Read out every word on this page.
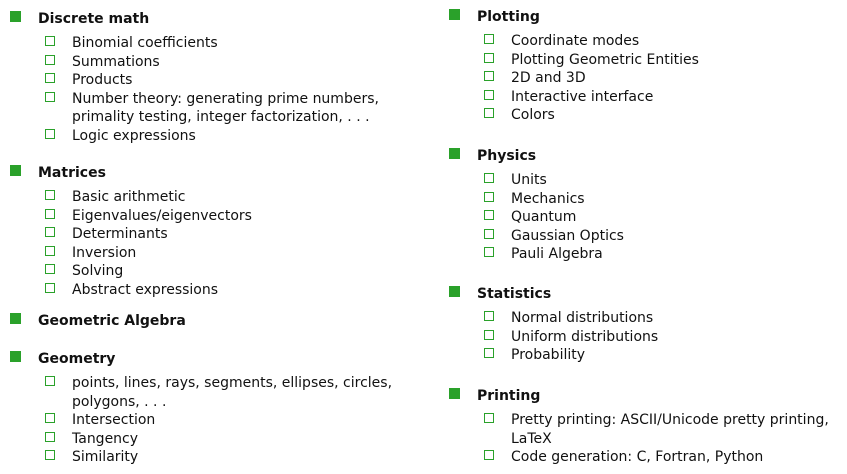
Discrete math
Binomial coefficients
Summations
Products
Number theory: generating prime numbers,
primality testing, integer factorization, . . .
Logic expressions
Matrices
Basic arithmetic
Eigenvalues/eigenvectors
Determinants
Inversion
Solving
Abstract expressions
Geometric Algebra
Geometry
points, lines, rays, segments, ellipses, circles,
polygons, . . .
Intersection
Tangency
Similarity
Plotting
Coordinate modes
Plotting Geometric Entities
2D and 3D
Interactive interface
Colors
Physics
Units
Mechanics
Quantum
Gaussian Optics
Pauli Algebra
Statistics
Normal distributions
Uniform distributions
Probability
Printing
Pretty printing: ASCII/Unicode pretty printing,
LaTeX
Code generation: C, Fortran, Python
